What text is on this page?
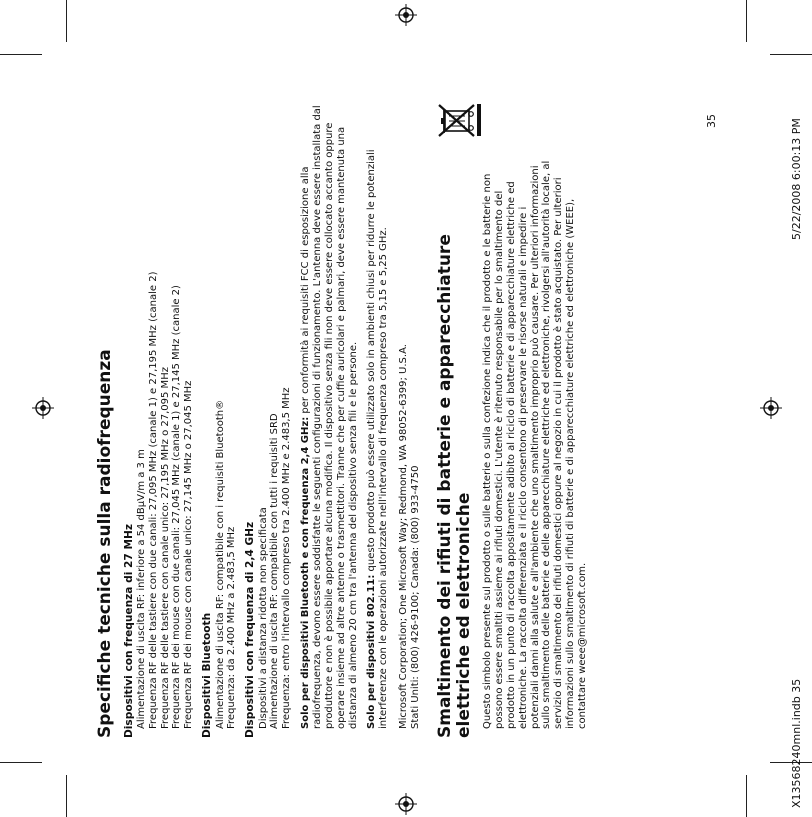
X13568240mnl.indb 35
5/22/2008 6:00:13 PM
35
Specifiche tecniche sulla radiofrequenza Dispositivi con frequenza di 27 MHz Alimentazione di uscita RF: inferiore a 54 dBµV/m a 3 m Frequenza RF delle tastiere con due canali: 27,095 MHz (canale 1) e 27,195 MHz (canale 2) Frequenza RF delle tastiere con canale unico: 27,195 MHz o 27,095 MHz Frequenza RF dei mouse con due canali: 27,045 MHz (canale 1) e 27,145 MHz (canale 2) Frequenza RF dei mouse con canale unico: 27,145 MHz o 27,045 MHz Dispositivi Bluetooth Alimentazione di uscita RF: compatibile con i requisiti Bluetooth® Frequenza: da 2.400 MHz a 2.483,5 MHz Dispositivi con frequenza di 2,4 GHz Dispositivi a distanza ridotta non specificata Alimentazione di uscita RF: compatibile con tutti i requisiti SRD Frequenza: entro l'intervallo compreso tra 2.400 MHz e 2.483,5 MHz Solo per dispositivi Bluetooth e con frequenza 2,4 GHz: per conformità ai requisiti FCC di esposizione alla radiofrequenza, devono essere soddisfatte le seguenti configurazioni di funzionamento. L'antenna deve essere installata dal produttore e non è possibile apportare alcuna modifica. Il dispositivo senza fili non deve essere collocato accanto oppure operare insieme ad altre antenne o trasmettitori. Tranne che per cuffie auricolari e palmari, deve essere mantenuta una distanza di almeno 20 cm tra l'antenna del dispositivo senza fili e le persone. Solo per dispositivi 802.11: questo prodotto può essere utilizzato solo in ambienti chiusi per ridurre le potenziali interferenze con le operazioni autorizzate nell'intervallo di frequenza compreso tra 5,15 e 5,25 GHz. Microsoft Corporation; One Microsoft Way; Redmond, WA 98052-6399; U.S.A. Stati Uniti: (800) 426-9100; Canada: (800) 933-4750 Smaltimento dei rifiuti di batterie e apparecchiature elettriche ed elettroniche Questo simbolo presente sul prodotto o sulle batterie o sulla confezione indica che il prodotto e le batterie non possono essere smaltiti assieme ai rifiuti domestici. L'utente è ritenuto responsabile per lo smaltimento del prodotto in un punto di raccolta appositamente adibito al riciclo di batterie e di apparecchiature elettriche ed elettroniche. La raccolta differenziata e il riciclo consentono di preservare le risorse naturali e impedire i potenziali danni alla salute e all'ambiente che uno smaltimento improprio può causare. Per ulteriori informazioni sullo smaltimento delle batterie e delle apparecchiature elettriche ed elettroniche, rivolgersi all'autorità locale, al servizio di smaltimento dei rifiuti domestici oppure al negozio in cui il prodotto è stato acquistato. Per ulteriori informazioni sullo smaltimento di rifiuti di batterie e di apparecchiature elettriche ed elettroniche (WEEE), contattare weee@microsoft.com.
